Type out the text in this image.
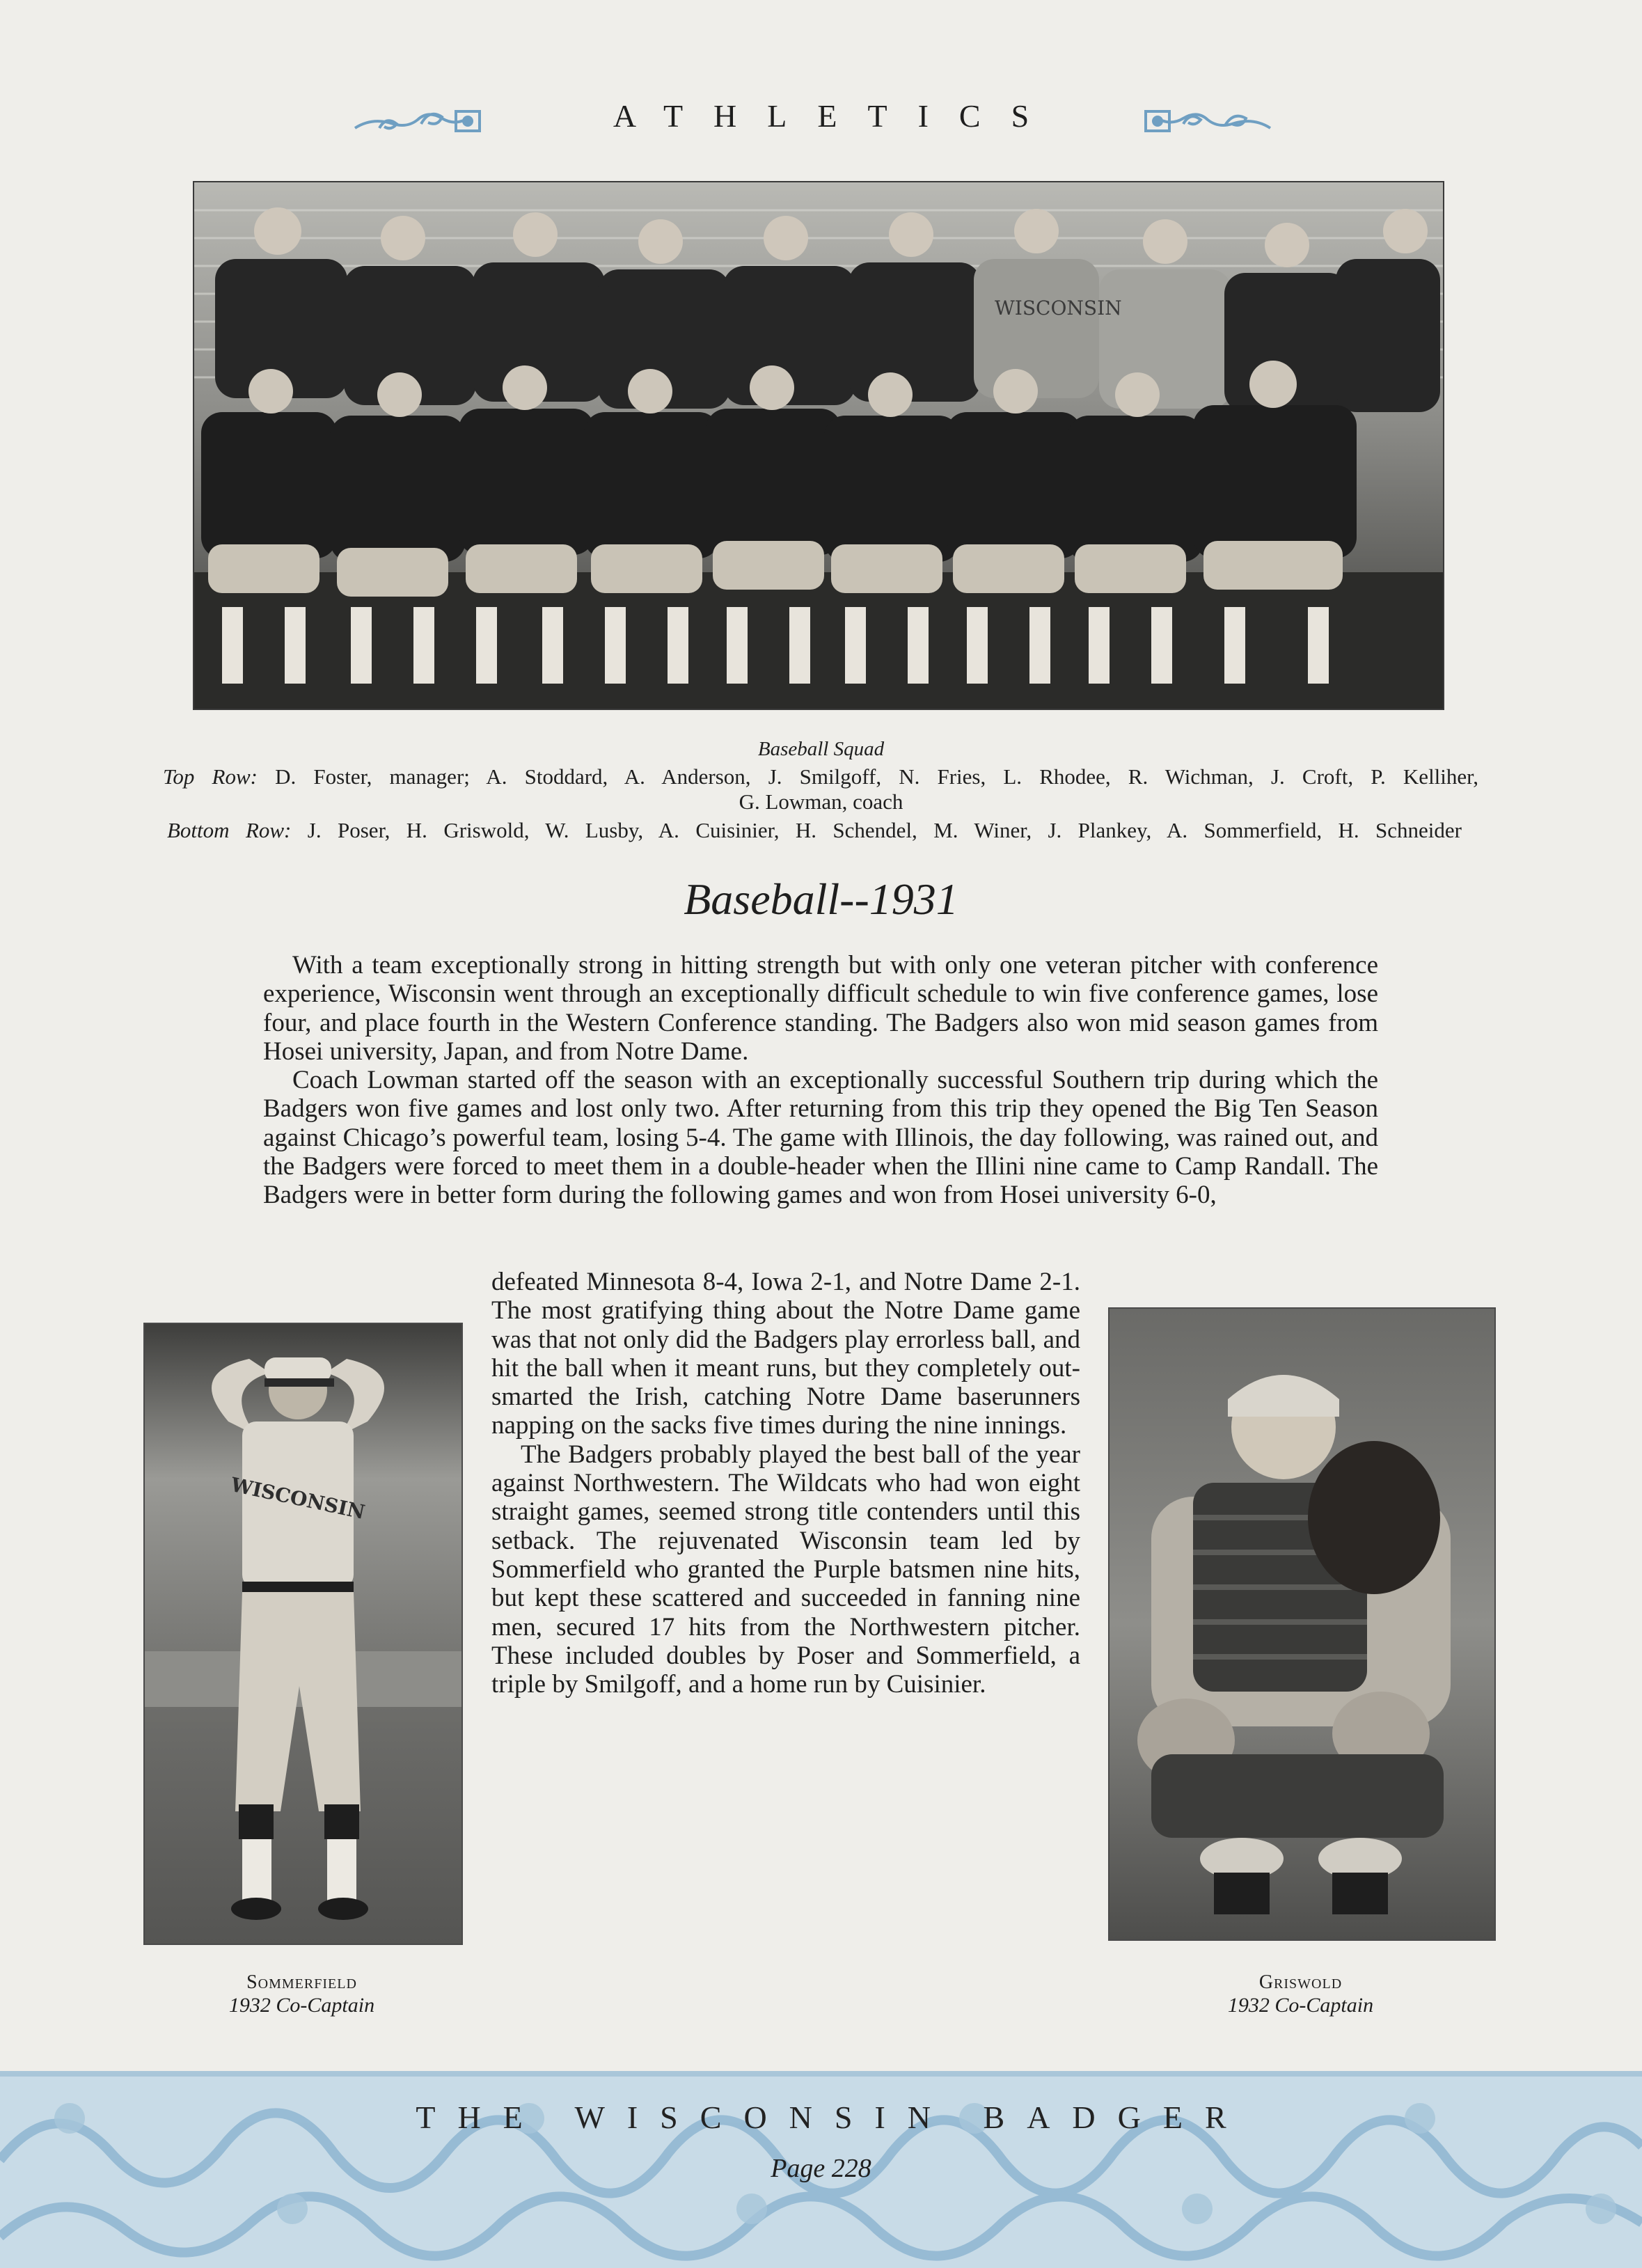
ATHLETICS
WISCONSIN
Baseball Squad
Top Row: D. Foster, manager; A. Stoddard, A. Anderson, J. Smilgoff, N. Fries, L. Rhodee, R. Wichman, J. Croft, P. Kelliher,
G. Lowman, coach
Bottom Row: J. Poser, H. Griswold, W. Lusby, A. Cuisinier, H. Schendel, M. Winer, J. Plankey, A. Sommerfield, H. Schneider
Baseball--1931

With a team exceptionally strong in hitting strength but with only one veteran pitcher with conference experience, Wisconsin went through an exceptionally difficult schedule to win five conference games, lose four, and place fourth in the Western Conference standing. The Badgers also won mid season games from Hosei university, Japan, and from Notre Dame.

Coach Lowman started off the season with an exceptionally successful Southern trip during which the Badgers won five games and lost only two. After returning from this trip they opened the Big Ten Season against Chicago’s powerful team, losing 5-4. The game with Illinois, the day following, was rained out, and the Badgers were forced to meet them in a double-header when the Illini nine came to Camp Randall. The Badgers were in better form during the following games and won from Hosei university 6-0,

defeated Minnesota 8-4, Iowa 2-1, and Notre Dame 2-1. The most gratifying thing about the Notre Dame game was that not only did the Badgers play errorless ball, and hit the ball when it meant runs, but they completely outsmarted the Irish, catching Notre Dame baserunners napping on the sacks five times during the nine innings.

The Badgers probably played the best ball of the year against Northwestern. The Wildcats who had won eight straight games, seemed strong title contenders until this setback. The rejuvenated Wisconsin team led by Sommerfield who granted the Purple batsmen nine hits, but kept these scattered and succeeded in fanning nine men, secured 17 hits from the Northwestern pitcher. These included doubles by Poser and Sommerfield, a triple by Smilgoff, and a home run by Cuisinier.

WISCONSIN
Sommerfield
1932 Co-Captain
Griswold
1932 Co-Captain
THE WISCONSIN BADGER
Page 228
